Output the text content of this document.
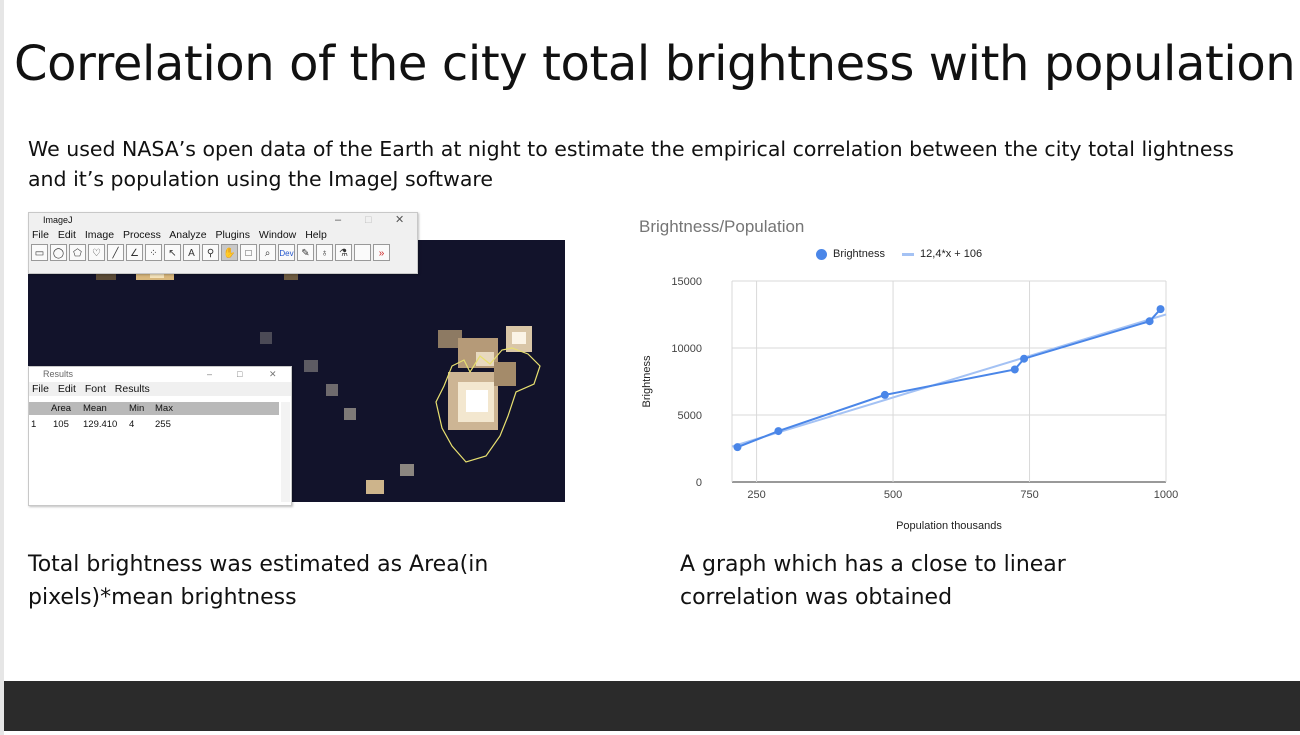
Correlation of the city total brightness with population
We used NASA’s open data of the Earth at night to estimate the empirical correlation between the city total lightness and it’s population using the ImageJ software
ImageJ	– □ ✕
File Edit Image Process Analyze Plugins Window Help
▭ ◯ ⬠	♡	╱	∠	⁘	↖	A	⚲ ✋ □	⌕	Dev ✎	♁	⚗	»
Results	–	□	✕
File Edit Font Results
Area Mean Min Max
1 105 129.410 4 255
Brightness/Population
Brightness	12,4*x + 106
0
5000
10000
15000
250	500	750	1000
Population thousands
Brightness
Total brightness was estimated as Area(in pixels)*mean brightness
A graph which has a close to linear correlation was obtained
